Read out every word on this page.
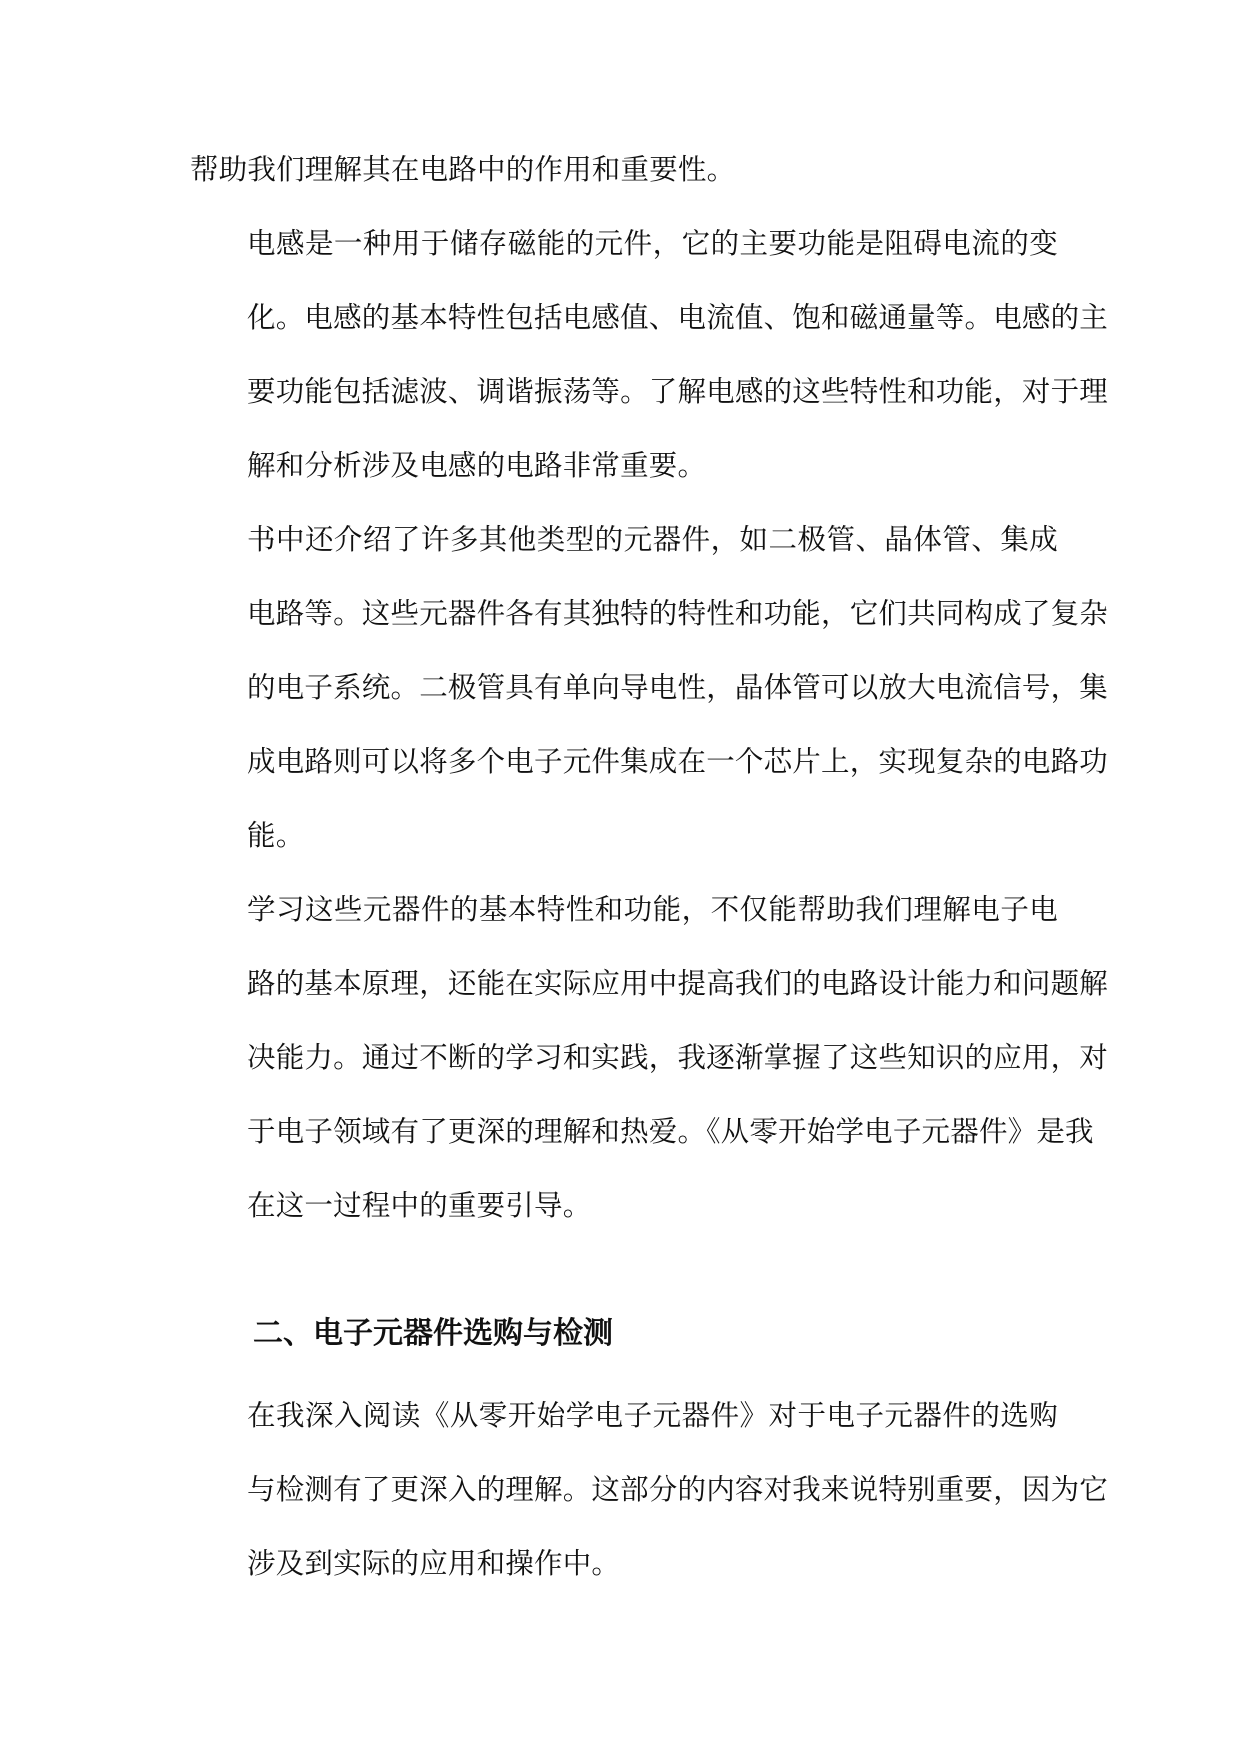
帮助我们理解其在电路中的作用和重要性。

电感是一种用于储存磁能的元件，它的主要功能是阻碍电流的变
化。电感的基本特性包括电感值、电流值、饱和磁通量等。电感的主
要功能包括滤波、调谐振荡等。了解电感的这些特性和功能，对于理
解和分析涉及电感的电路非常重要。

书中还介绍了许多其他类型的元器件，如二极管、晶体管、集成
电路等。这些元器件各有其独特的特性和功能，它们共同构成了复杂
的电子系统。二极管具有单向导电性，晶体管可以放大电流信号，集
成电路则可以将多个电子元件集成在一个芯片上，实现复杂的电路功
能。

学习这些元器件的基本特性和功能，不仅能帮助我们理解电子电
路的基本原理，还能在实际应用中提高我们的电路设计能力和问题解
决能力。通过不断的学习和实践，我逐渐掌握了这些知识的应用，对
于电子领域有了更深的理解和热爱。《从零开始学电子元器件》是我
在这一过程中的重要引导。

二、电子元器件选购与检测

在我深入阅读《从零开始学电子元器件》对于电子元器件的选购
与检测有了更深入的理解。这部分的内容对我来说特别重要，因为它
涉及到实际的应用和操作中。
